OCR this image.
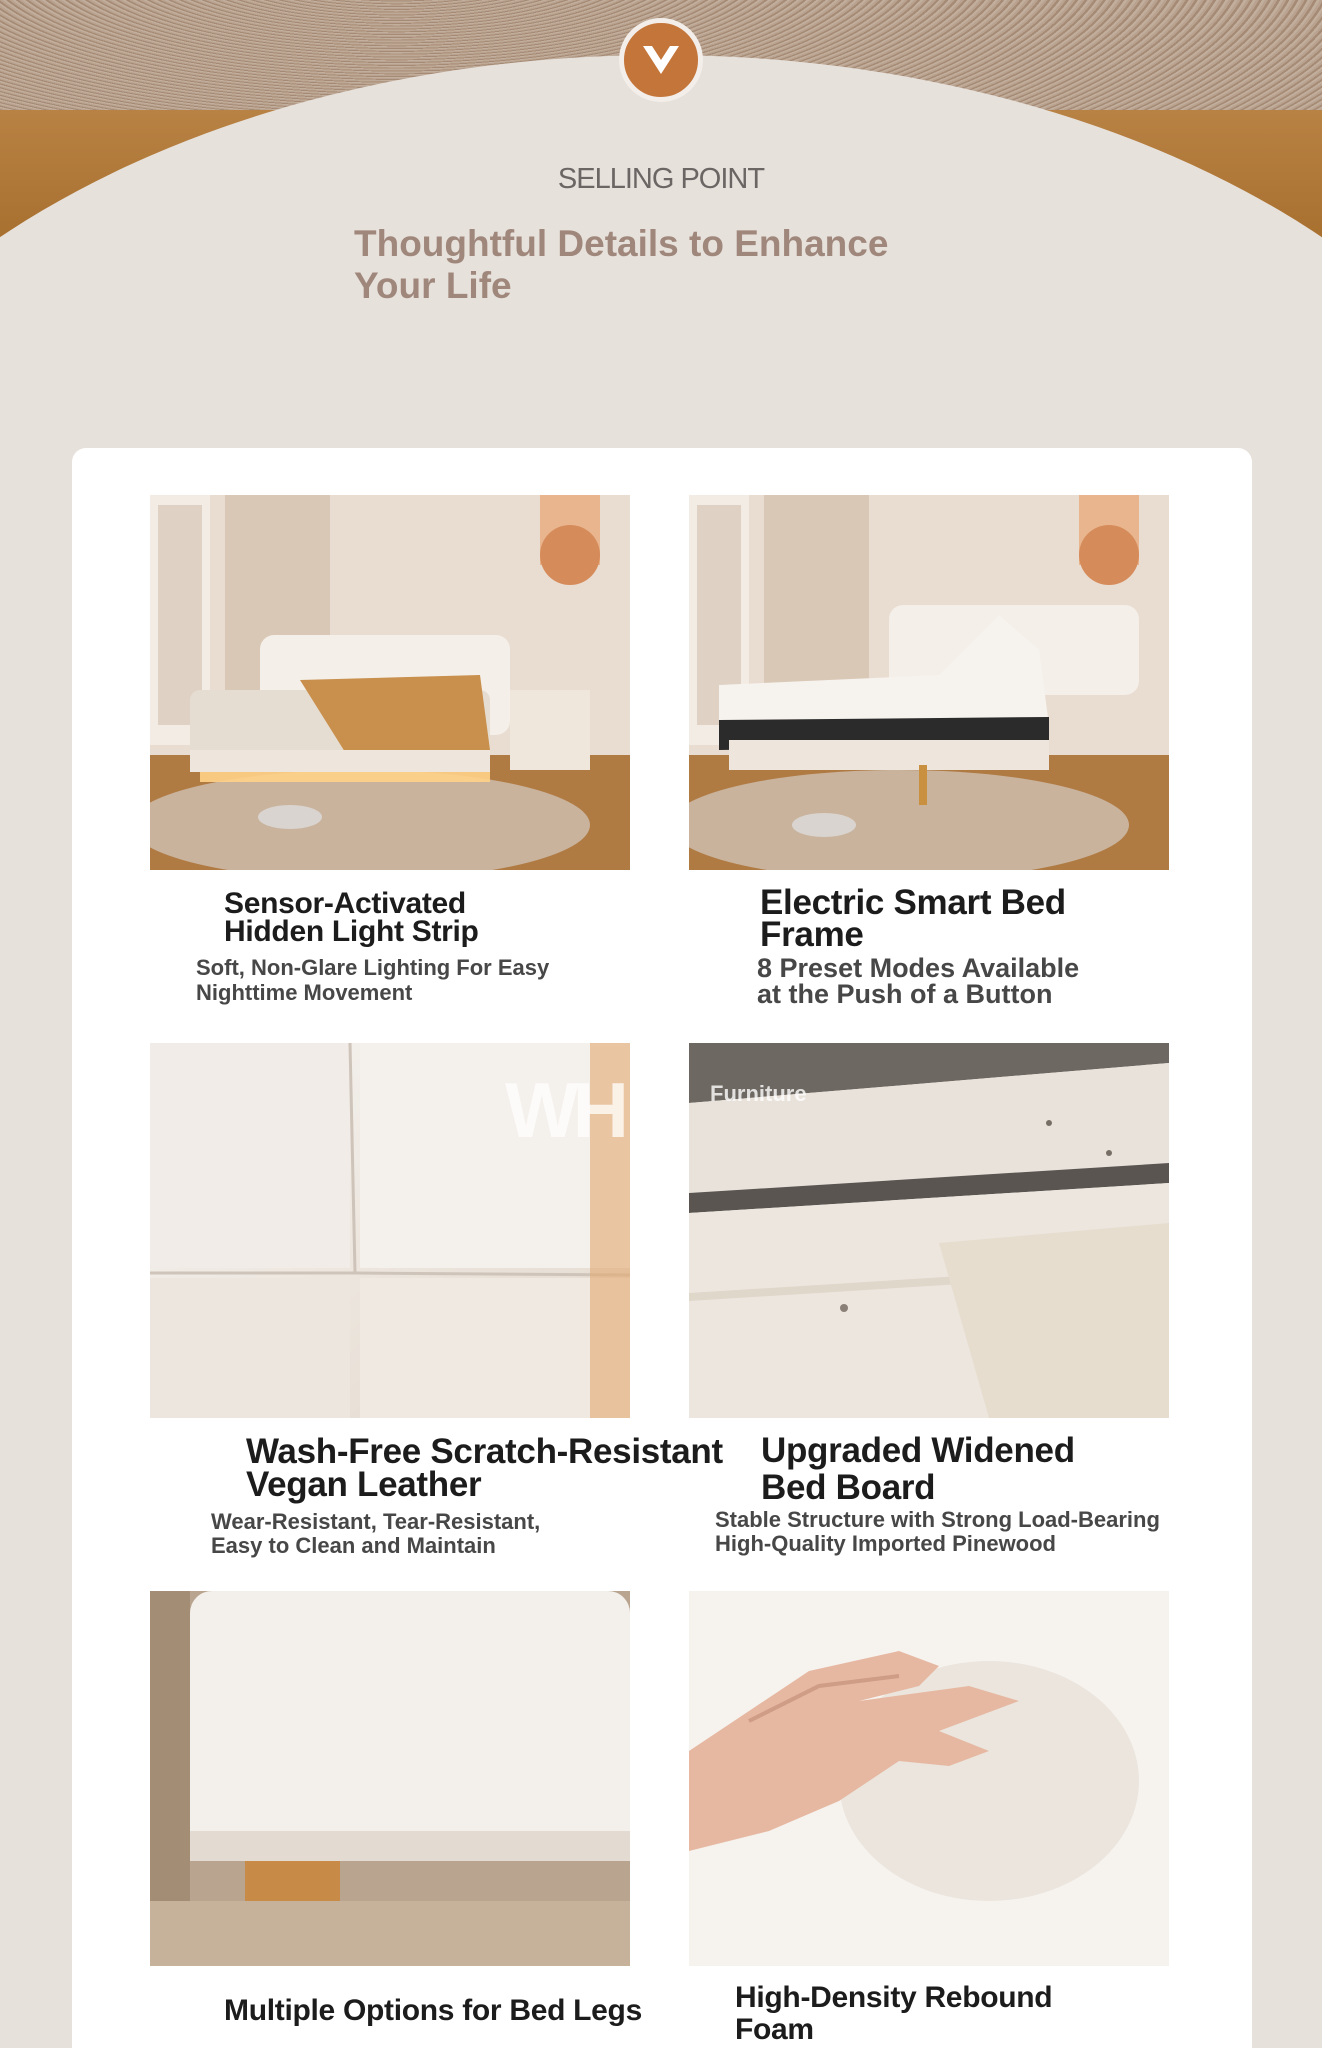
SELLING POINT
Thoughtful Details to Enhance
Your Life
WH	Furniture
Sensor-Activated
Hidden Light Strip
Soft, Non-Glare Lighting For Easy
Nighttime Movement
Electric Smart Bed
Frame
8 Preset Modes Available
at the Push of a Button
Wash-Free Scratch-Resistant
Vegan Leather
Wear-Resistant, Tear-Resistant,
Easy to Clean and Maintain
Upgraded Widened
Bed Board
Stable Structure with Strong Load-Bearing
High-Quality Imported Pinewood
Multiple Options for Bed Legs	High-Density Rebound
Foam
